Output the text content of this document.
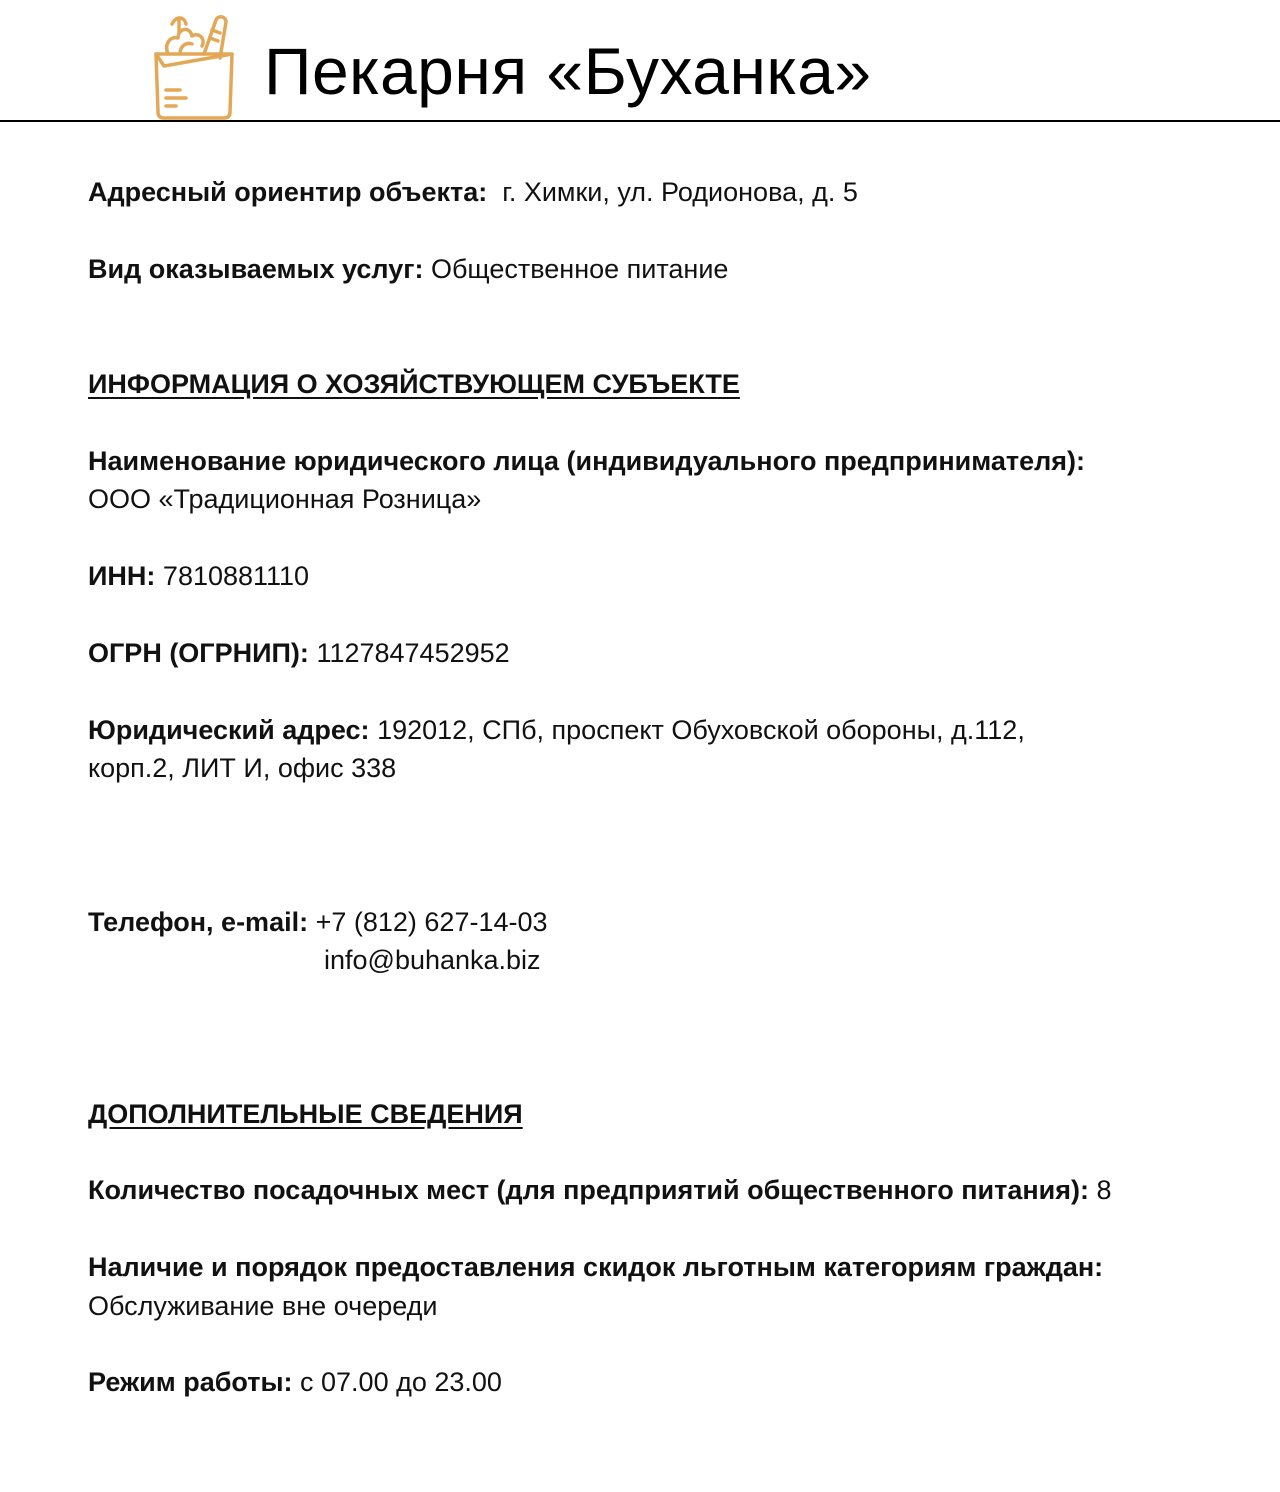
Пекарня «Буханка»
Адресный ориентир объекта: г. Химки, ул. Родионова, д. 5
Вид оказываемых услуг: Общественное питание
ИНФОРМАЦИЯ О ХОЗЯЙСТВУЮЩЕМ СУБЪЕКТЕ
Наименование юридического лица (индивидуального предпринимателя):
ООО «Традиционная Розница»
ИНН: 7810881110
ОГРН (ОГРНИП): 1127847452952
Юридический адрес: 192012, СПб, проспект Обуховской обороны, д.112,
корп.2, ЛИТ И, офис 338
Телефон, e-mail: +7 (812) 627-14-03
info@buhanka.biz
ДОПОЛНИТЕЛЬНЫЕ СВЕДЕНИЯ
Количество посадочных мест (для предприятий общественного питания): 8
Наличие и порядок предоставления скидок льготным категориям граждан:
Обслуживание вне очереди
Режим работы: с 07.00 до 23.00
